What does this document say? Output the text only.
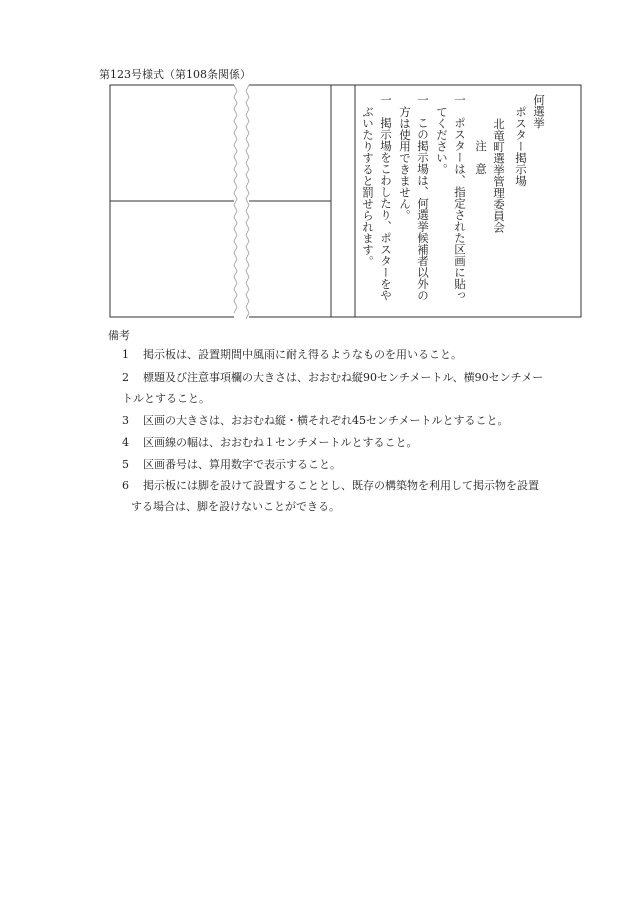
第123号様式（第108条関係）
何選挙
ポスター掲示場
北竜町選挙管理委員会
注　意
一　ポスターは、指定された区画に貼っ
てください。
一　この掲示場は、何選挙候補者以外の
方は使用できません。
一　掲示場をこわしたり、ポスターをや
ぶいたりすると罰せられます。
備考
1 掲示板は、設置期間中風雨に耐え得るようなものを用いること。
2 標題及び注意事項欄の大きさは、おおむね縦90センチメートル、横90センチメー
トルとすること。
3 区画の大きさは、おおむね縦・横それぞれ45センチメートルとすること。
4 区画線の幅は、おおむね１センチメートルとすること。
5 区画番号は、算用数字で表示すること。
6 掲示板には脚を設けて設置することとし、既存の構築物を利用して掲示物を設置
する場合は、脚を設けないことができる。
